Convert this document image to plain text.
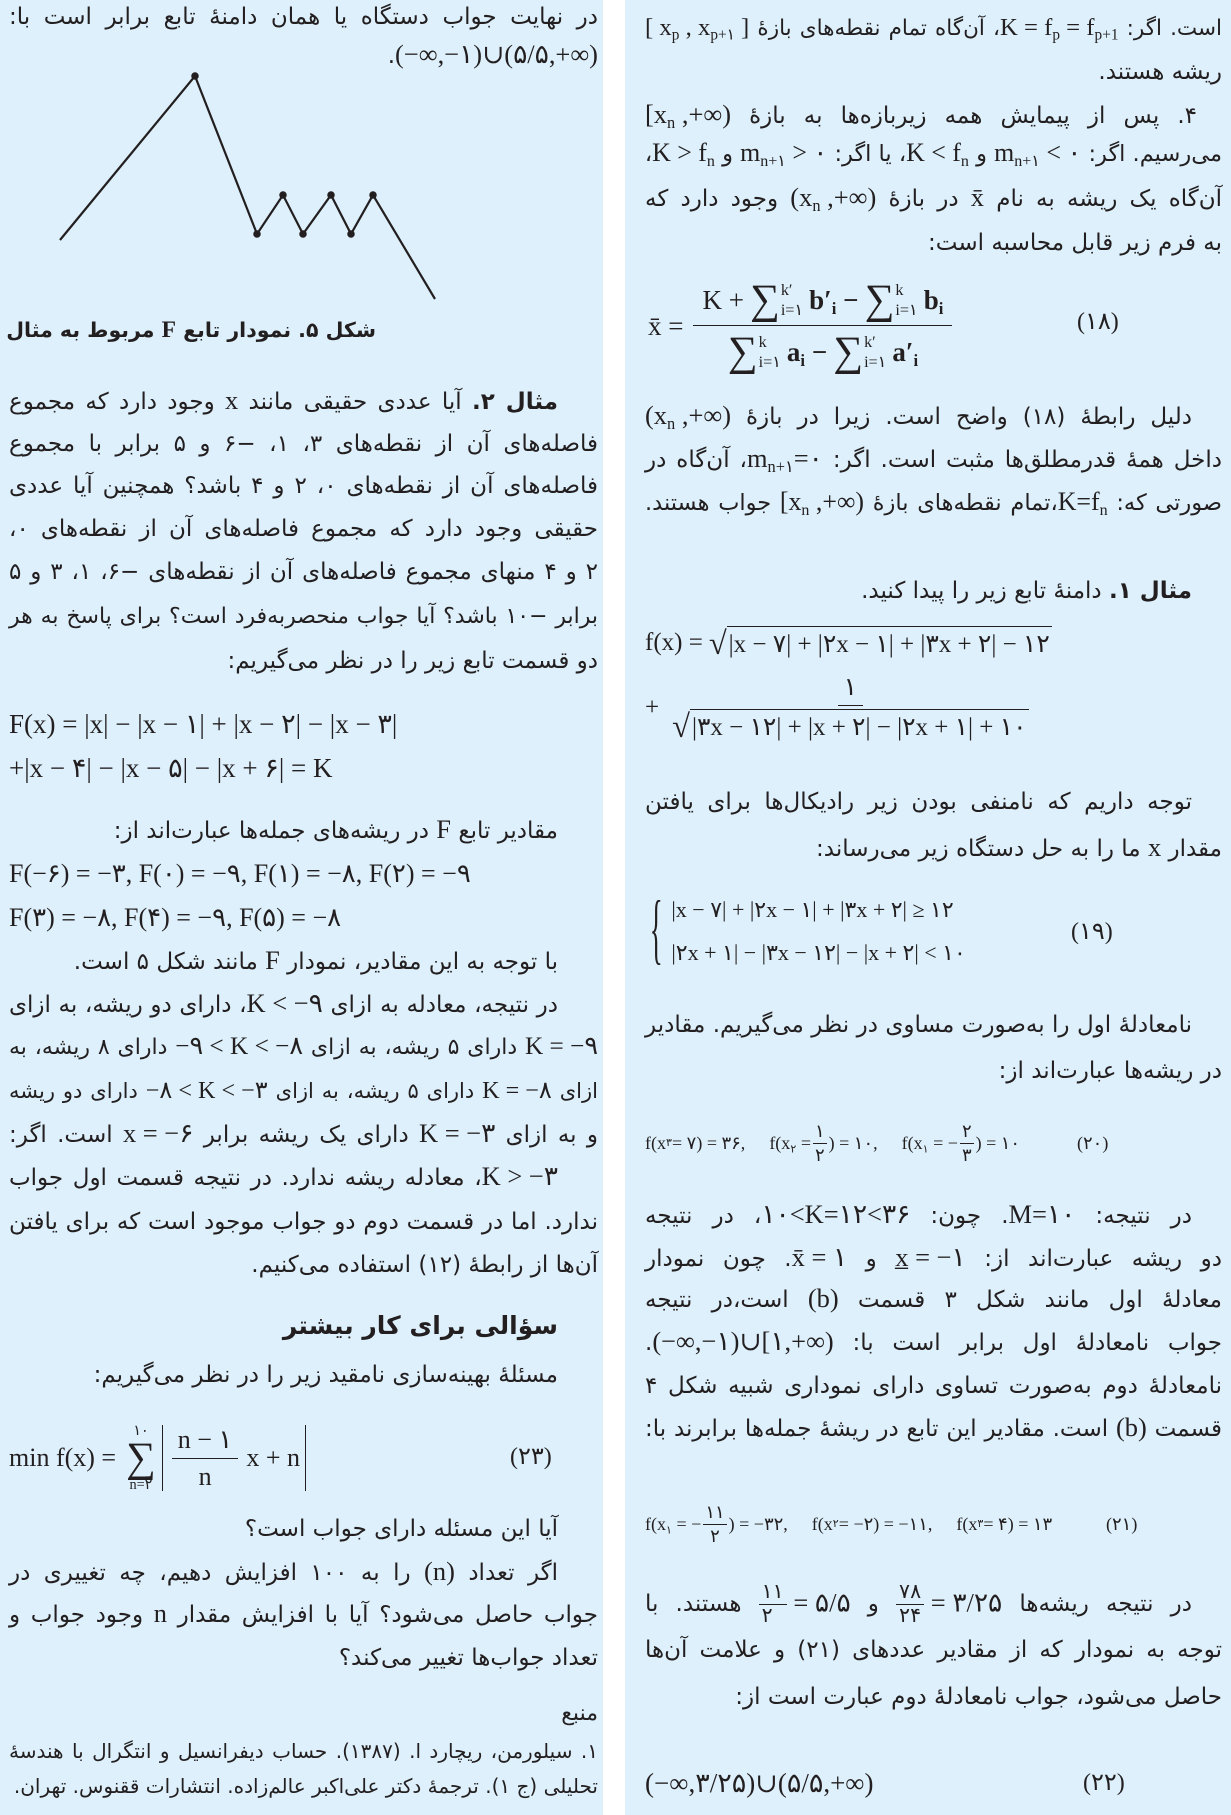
در نهایت جواب دستگاه یا همان دامنۀ تابع برابر است با:
(−∞,−۱)∪(۵/۵,+∞).
شکل ۵. نمودار تابع F مربوط به مثال
مثال ۲. آیا عددی حقیقی مانند x وجود دارد که مجموع
فاصله‌های آن از نقطه‌های ۳، ۱، −۶ و ۵ برابر با مجموع
فاصله‌های آن از نقطه‌های ۰، ۲ و ۴ باشد؟ همچنین آیا عددی
حقیقی وجود دارد که مجموع فاصله‌های آن از نقطه‌های ۰،
۲ و ۴ منهای مجموع فاصله‌های آن از نقطه‌های −۶، ۱، ۳ و ۵
برابر −۱۰ باشد؟ آیا جواب منحصربه‌فرد است؟ برای پاسخ به هر
دو قسمت تابع زیر را در نظر می‌گیریم:
F(x) = |x| − |x − ۱| + |x − ۲| − |x − ۳|
+|x − ۴| − |x − ۵| − |x + ۶| = K
مقادیر تابع F در ریشه‌های جمله‌ها عبارت‌اند از:
F(−۶) = −۳, F(۰) = −۹, F(۱) = −۸, F(۲) = −۹
F(۳) = −۸, F(۴) = −۹, F(۵) = −۸
با توجه به این مقادیر، نمودار F مانند شکل ۵ است.
در نتیجه، معادله به ازای K < −۹، دارای دو ریشه، به ازای
K = −۹ دارای ۵ ریشه، به ازای −۹ < K < −۸ دارای ۸ ریشه، به
ازای K = −۸ دارای ۵ ریشه، به ازای −۸ < K < −۳ دارای دو ریشه
و به ازای K = −۳ دارای یک ریشه برابر x = −۶ است. اگر:
K > −۳، معادله ریشه ندارد. در نتیجه قسمت اول جواب
ندارد. اما در قسمت دوم دو جواب موجود است که برای یافتن
آن‌ها از رابطۀ (۱۲) استفاده می‌کنیم.
سؤالی برای کار بیشتر
مسئلۀ بهینه‌سازی نامقید زیر را در نظر می‌گیریم:
min f(x) =
۱۰
∑
n=۲ $\frac{n - ۱}{n}$ x + n	(۲۳)
آیا این مسئله دارای جواب است؟
اگر تعداد (n) را به ۱۰۰ افزایش دهیم، چه تغییری در
جواب حاصل می‌شود؟ آیا با افزایش مقدار n وجود جواب و
تعداد جواب‌ها تغییر می‌کند؟
منبع
۱. سیلورمن، ریچارد ا. (۱۳۸۷). حساب دیفرانسیل و انتگرال با هندسۀ
تحلیلی (ج ۱). ترجمۀ دکتر علی‌اکبر عالم‌زاده. انتشارات ققنوس. تهران.
است. اگر: $K = f_p$ = $f_{p+1}،$ آن‌گاه تمام نقطه‌های بازۀ [ $x_p$ , $x_{p+۱}$ ]
ریشه هستند.
۴. پس از پیمایش همه زیربازه‌ها به بازۀ [$x_n$ ,+∞)
می‌رسیم. اگر: $m_{n+۱}$ < ۰ و $K < f_n،$ یا اگر: $m_{n+۱}$ > ۰ و $K > f_n،$
آن‌گاه یک ریشه به نام x̄ در بازۀ ($x_n$ ,+∞) وجود دارد که
به فرم زیر قابل محاسبه است:
x̄ = K + ∑ k′
i=۱ $b'_i$ − ∑ k
i=۱ $b_i$
∑ k
i=۱ $a_i$ − ∑ k′
i=۱ $a'_i$	(۱۸)
دلیل رابطۀ (۱۸) واضح است. زیرا در بازۀ ($x_n$ ,+∞)
داخل همۀ قدرمطلق‌ها مثبت است. اگر: $m_{n+۱}=۰،$ آن‌گاه در
صورتی که: $K=f_n،تمام$ نقطه‌های بازۀ [$x_n$ ,+∞) جواب هستند.
مثال ۱. دامنۀ تابع زیر را پیدا کنید.
f(x) = √ |x − ۷| + |۲x − ۱| + |۳x + ۲| − ۱۲
+ $\frac{۱}{√ |۳x - ۱۲| + |x + ۲| - |۲x + ۱| + ۱۰}$
توجه داریم که نامنفی بودن زیر رادیکال‌ها برای یافتن
مقدار x ما را به حل دستگاه زیر می‌رساند:
{ |x − ۷| + |۲x − ۱| + |۳x + ۲| ≥ ۱۲
|۲x + ۱| − |۳x − ۱۲| − |x + ۲| < ۱۰
(۱۹)
نامعادلۀ اول را به‌صورت مساوی در نظر می‌گیریم. مقادیر
در ریشه‌ها عبارت‌اند از:
f(x ۳ = ۷) = ۳۶, $f(x_۲ = \frac{۱}{۲}$ ) = ۱۰, $f(x_۱$ = − $\frac{۲}{۳}$ ) = ۱۰	(۲۰)
در نتیجه: M=۱۰. چون: ۱۰<K=۱۲<۳۶، در نتیجه
دو ریشه عبارت‌اند از: x̲ = −۱ و x̄ = ۱. چون نمودار
معادلۀ اول مانند شکل ۳ قسمت (b) است،در نتیجه
جواب نامعادلۀ اول برابر است با: (−∞,−۱)∪[۱,+∞).
نامعادلۀ دوم به‌صورت تساوی دارای نموداری شبیه شکل ۴
قسمت (b) است. مقادیر این تابع در ریشۀ جمله‌ها برابرند با:
$f(x_۱$ = − $\frac{۱۱}{۲}$ ) = −۳۲, f(x ۲ = −۲) = −۱۱, f(x ۳ = ۴) = ۱۳	(۲۱)
در نتیجه ریشه‌ها
۷۸
۲۴ = ۳/۲۵ و
۱۱
۲ = ۵/۵ هستند. با
توجه به نمودار که از مقادیر عددهای (۲۱) و علامت آن‌ها
حاصل می‌شود، جواب نامعادلۀ دوم عبارت است از:
(−∞,۳/۲۵)∪(۵/۵,+∞)	(۲۲)
